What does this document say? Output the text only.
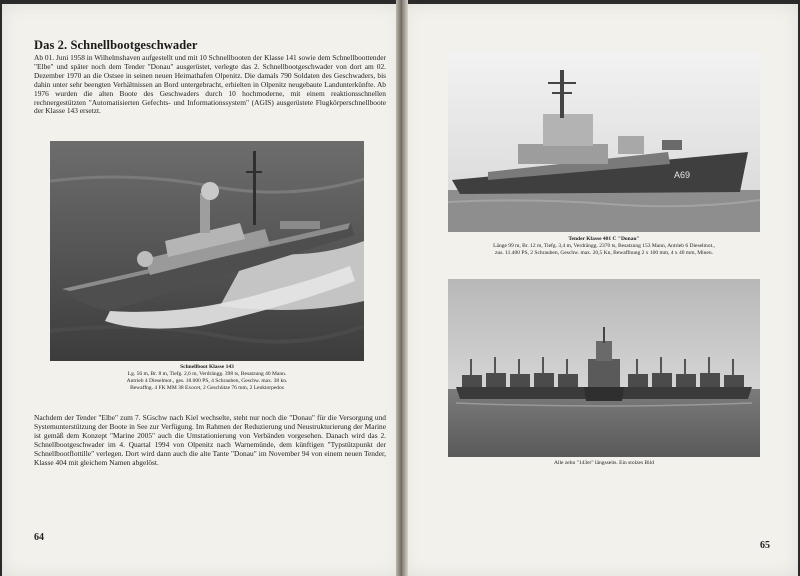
Das 2. Schnellbootgeschwader

Ab 01. Juni 1958 in Wilhelmshaven aufgestellt und mit 10 Schnellbooten der Klasse 141 sowie dem Schnellboottender "Elbe" und später noch dem Tender "Donau" ausgerüstet, verlegte das 2. Schnellbootgeschwader von dort am 02. Dezember 1970 an die Ostsee in seinen neuen Heimathafen Olpenitz. Die damals 790 Soldaten des Geschwaders, bis dahin unter sehr beengten Verhältnissen an Bord untergebracht, erhielten in Olpenitz neugebaute Landunterkünfte. Ab 1976 wurden die alten Boote des Geschwaders durch 10 hochmoderne, mit einem reaktionsschnellen rechnergestützten "Automatisierten Gefechts- und Informationssystem" (AGIS) ausgerüstete Flugkörperschnellboote der Klasse 143 ersetzt.

Schnellboot Klasse 143
Lg. 56 m, Br. 8 m, Tiefg. 2,6 m, Verdrängg. 398 ts, Besatzung 40 Mann.
Antrieb 4 Dieselmot., ges. 18.000 PS, 4 Schrauben, Geschw. max. 38 kn.
Bewaffng. 4 FK MM 38 Exocet, 2 Geschütze 76 mm, 2 Lenktorpedos

Nachdem der Tender "Elbe" zum 7. SGschw nach Kiel wechselte, steht nur noch die "Donau" für die Versorgung und Systemunterstützung der Boote in See zur Verfügung. Im Rahmen der Reduzierung und Neustrukturierung der Marine ist gemäß dem Konzept "Marine 2005" auch die Umstationierung von Verbänden vorgesehen. Danach wird das 2. Schnellbootgeschwader im 4. Quartal 1994 von Olpenitz nach Warnemünde, dem künftigen "Typstützpunkt der Schnellbootflottille" verlegen. Dort wird dann auch die alte Tante "Donau" im November 94 von einem neuen Tender, Klasse 404 mit gleichem Namen abgelöst.

64
A69
Tender Klasse 401 C "Donau"
Länge 99 m, Br. 12 m, Tiefg. 3,4 m, Verdrängg. 2370 ts, Besatzung 153 Mann, Antrieb 6 Dieselmot.,
zus. 11.400 PS, 2 Schrauben, Geschw. max. 20,5 Kn, Bewaffnung 2 x 100 mm, 4 x 40 mm, Minen.
Alle zehn "143er" längsseits. Ein stolzes Bild
65
